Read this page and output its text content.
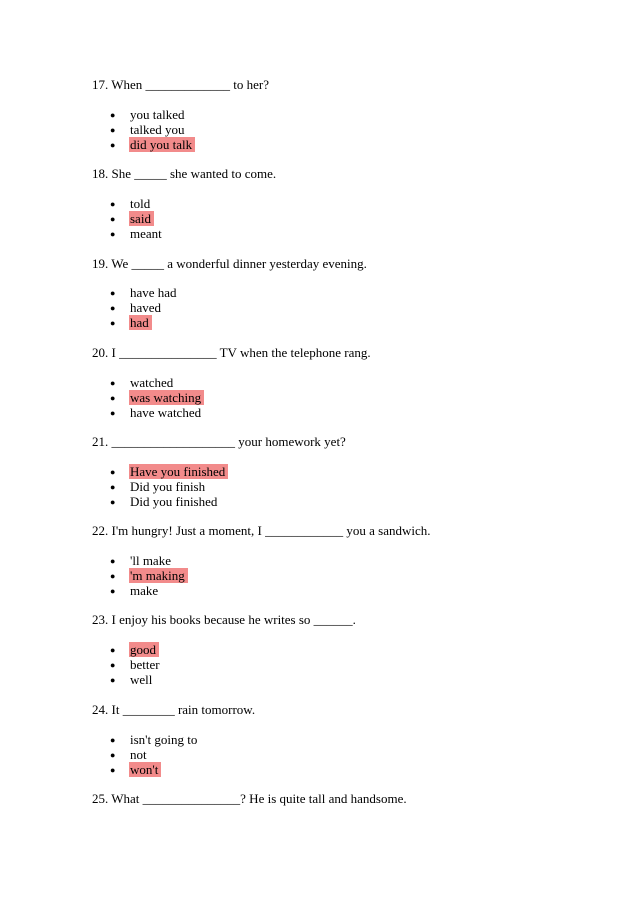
17. When _____________ to her?
● you talked
● talked you
● did you talk
18. She _____ she wanted to come.
● told
● said
● meant
19. We _____ a wonderful dinner yesterday evening.
● have had
● haved
● had
20. I _______________ TV when the telephone rang.
● watched
● was watching
● have watched
21. ___________________ your homework yet?
● Have you finished
● Did you finish
● Did you finished
22. I'm hungry! Just a moment, I ____________ you a sandwich.
● 'll make
● 'm making
● make
23. I enjoy his books because he writes so ______.
● good
● better
● well
24. It ________ rain tomorrow.
● isn't going to
● not
● won't
25. What _______________? He is quite tall and handsome.
